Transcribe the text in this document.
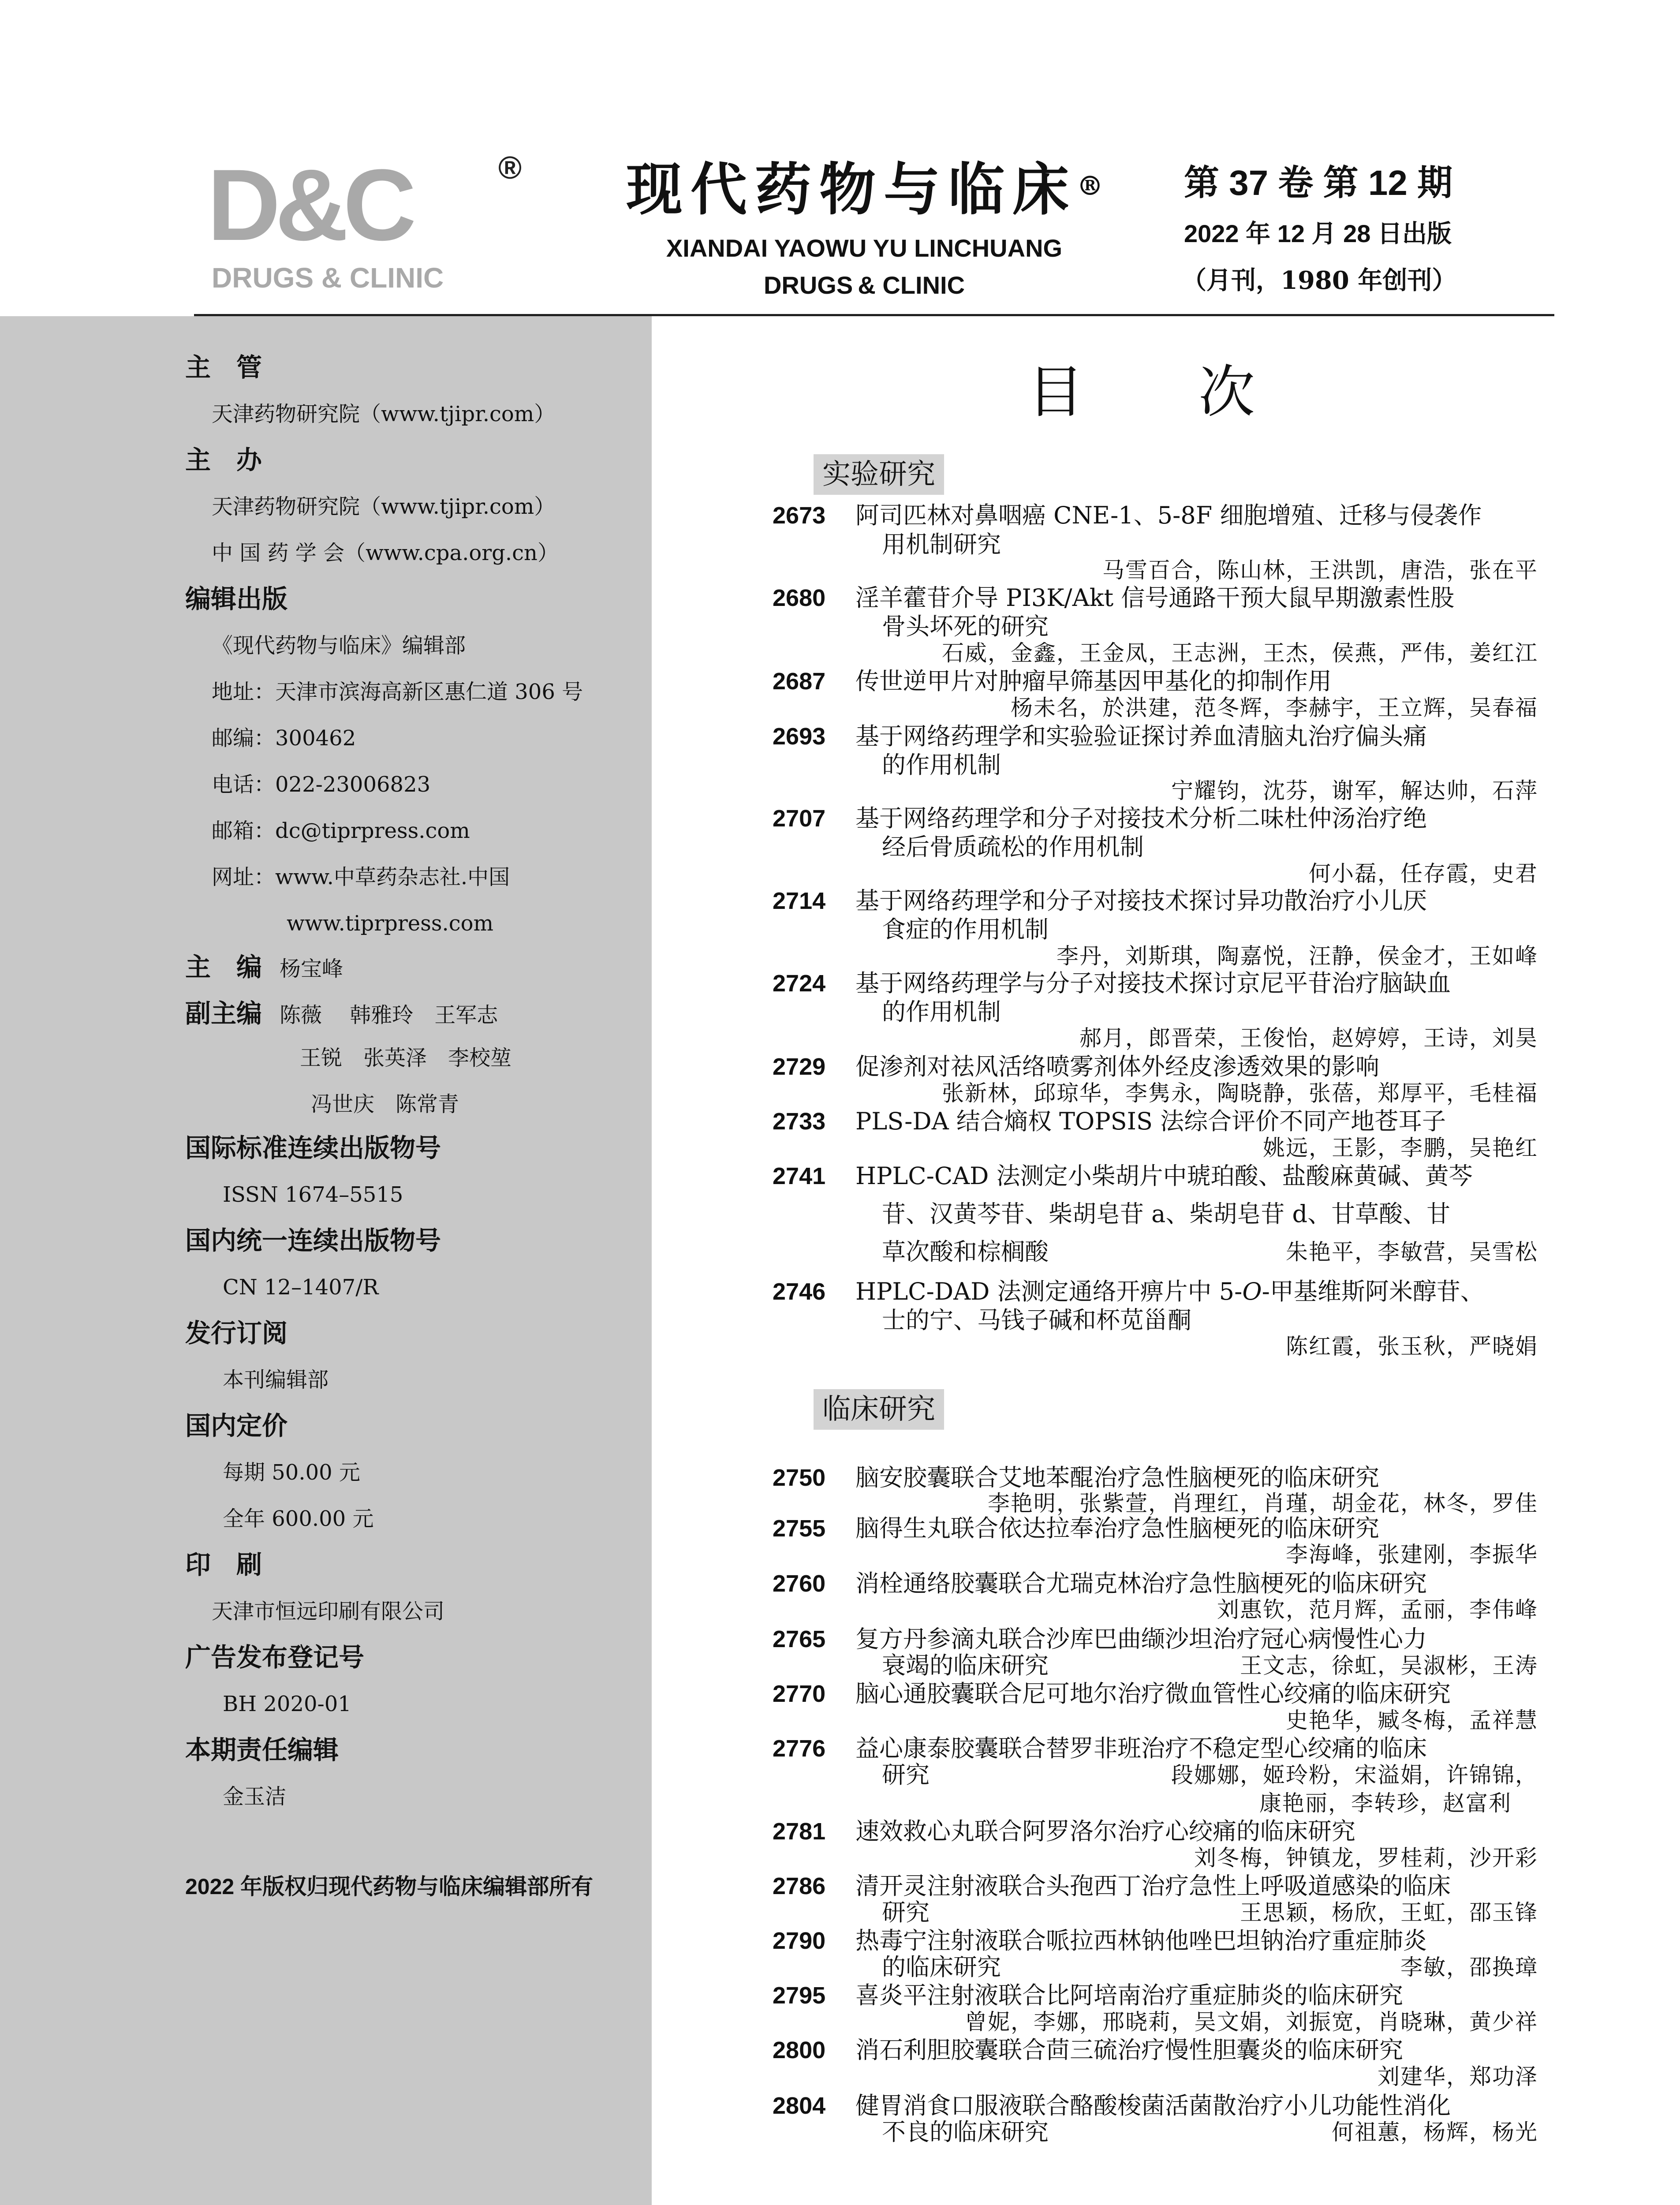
D&C	®
DRUGS & CLINIC
现代药物与临床®
XIANDAI YAOWU YU LINCHUANG
DRUGS & CLINIC
第 37 卷 第 12 期
2022 年 12 月 28 日出版
（月刊，1980 年创刊）
主　管
天津药物研究院（www.tjipr.com）
主　办
天津药物研究院（www.tjipr.com）
中 国 药 学 会（www.cpa.org.cn）
编辑出版
《现代药物与临床》编辑部
地址：天津市滨海高新区惠仁道 306 号
邮编：300462
电话：022-23006823
邮箱：dc@tiprpress.com
网址：www.中草药杂志社.中国
www.tiprpress.com
主　编 杨宝峰
副主编 陈薇　 韩雅玲　王军志
王锐　张英泽　李校堃
冯世庆　陈常青
国际标准连续出版物号
ISSN 1674–5515
国内统一连续出版物号
CN 12–1407/R
发行订阅
本刊编辑部
国内定价
每期 50.00 元
全年 600.00 元
印　刷
天津市恒远印刷有限公司
广告发布登记号
BH 2020-01
本期责任编辑
金玉洁
2022 年版权归现代药物与临床编辑部所有
目次
实验研究
2673 阿司匹林对鼻咽癌 CNE-1、5-8F 细胞增殖、迁移与侵袭作
用机制研究
马雪百合，陈山林，王洪凯，唐浩，张在平
2680 淫羊藿苷介导 PI3K/Akt 信号通路干预大鼠早期激素性股
骨头坏死的研究
石威，金鑫，王金凤，王志洲，王杰，侯燕，严伟，姜红江
2687 传世逆甲片对肿瘤早筛基因甲基化的抑制作用
杨未名，於洪建，范冬辉，李赫宇，王立辉，吴春福
2693 基于网络药理学和实验验证探讨养血清脑丸治疗偏头痛
的作用机制
宁耀钧，沈芬，谢军，解达帅，石萍
2707 基于网络药理学和分子对接技术分析二味杜仲汤治疗绝
经后骨质疏松的作用机制
何小磊，任存霞，史君
2714 基于网络药理学和分子对接技术探讨异功散治疗小儿厌
食症的作用机制
李丹，刘斯琪，陶嘉悦，汪静，侯金才，王如峰
2724 基于网络药理学与分子对接技术探讨京尼平苷治疗脑缺血
的作用机制
郝月，郎晋荣，王俊怡，赵婷婷，王诗，刘昊
2729 促渗剂对祛风活络喷雾剂体外经皮渗透效果的影响
张新林，邱琼华，李隽永，陶晓静，张蓓，郑厚平，毛桂福
2733 PLS-DA 结合熵权 TOPSIS 法综合评价不同产地苍耳子
姚远，王影，李鹏，吴艳红
2741 HPLC-CAD 法测定小柴胡片中琥珀酸、盐酸麻黄碱、黄芩
苷、汉黄芩苷、柴胡皂苷 a、柴胡皂苷 d、甘草酸、甘
草次酸和棕榈酸	朱艳平，李敏营，吴雪松
2746 HPLC-DAD 法测定通络开痹片中 5-O-甲基维斯阿米醇苷、
士的宁、马钱子碱和杯苋甾酮
陈红霞，张玉秋，严晓娟
临床研究
2750 脑安胶囊联合艾地苯醌治疗急性脑梗死的临床研究
李艳明，张紫萱，肖理红，肖瑾，胡金花，林冬，罗佳
2755 脑得生丸联合依达拉奉治疗急性脑梗死的临床研究
李海峰，张建刚，李振华
2760 消栓通络胶囊联合尤瑞克林治疗急性脑梗死的临床研究
刘惠钦，范月辉，孟丽，李伟峰
2765 复方丹参滴丸联合沙库巴曲缬沙坦治疗冠心病慢性心力
衰竭的临床研究	王文志，徐虹，吴淑彬，王涛
2770 脑心通胶囊联合尼可地尔治疗微血管性心绞痛的临床研究
史艳华，臧冬梅，孟祥慧
2776 益心康泰胶囊联合替罗非班治疗不稳定型心绞痛的临床
研究	段娜娜，姬玲粉，宋溢娟，许锦锦，
康艳丽，李转珍，赵富利
2781 速效救心丸联合阿罗洛尔治疗心绞痛的临床研究
刘冬梅，钟镇龙，罗桂莉，沙开彩
2786 清开灵注射液联合头孢西丁治疗急性上呼吸道感染的临床
研究	王思颖，杨欣，王虹，邵玉锋
2790 热毒宁注射液联合哌拉西林钠他唑巴坦钠治疗重症肺炎
的临床研究	李敏，邵换璋
2795 喜炎平注射液联合比阿培南治疗重症肺炎的临床研究
曾妮，李娜，邢晓莉，吴文娟，刘振宽，肖晓琳，黄少祥
2800 消石利胆胶囊联合茴三硫治疗慢性胆囊炎的临床研究
刘建华，郑功泽
2804 健胃消食口服液联合酪酸梭菌活菌散治疗小儿功能性消化
不良的临床研究	何祖蕙，杨辉，杨光
